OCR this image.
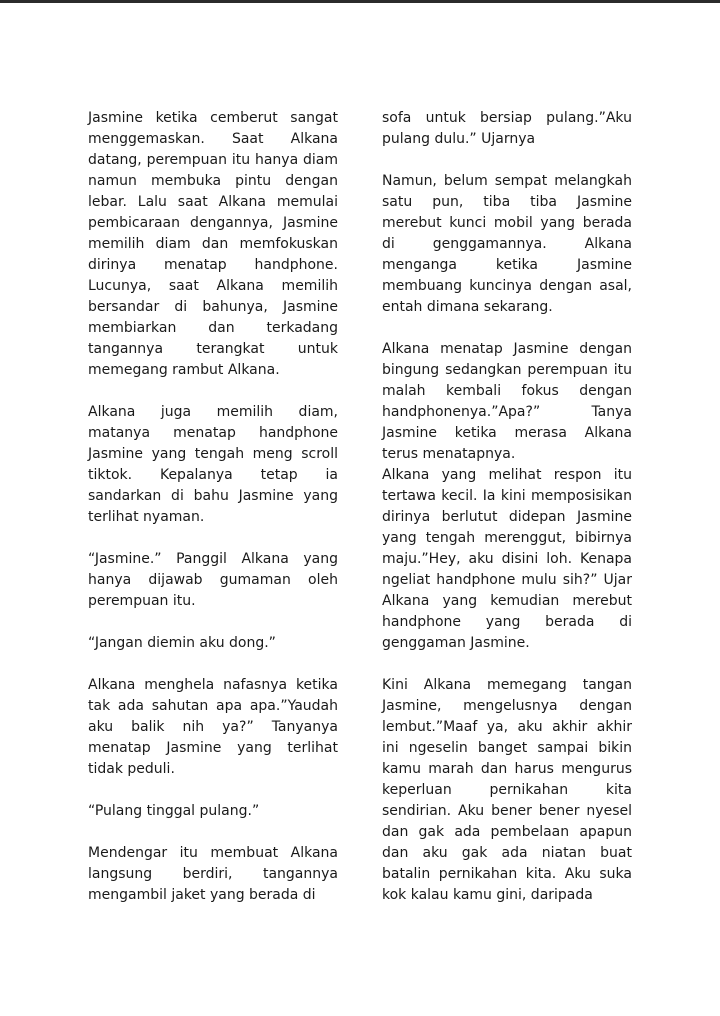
Jasmine ketika cemberut sangat menggemaskan. Saat Alkana datang, perempuan itu hanya diam namun membuka pintu dengan lebar. Lalu saat Alkana memulai pembicaraan dengannya, Jasmine memilih diam dan memfokuskan dirinya menatap handphone. Lucunya, saat Alkana memilih bersandar di bahunya, Jasmine membiarkan dan terkadang tangannya terangkat untuk memegang rambut Alkana.

Alkana juga memilih diam, matanya menatap handphone Jasmine yang tengah meng scroll tiktok. Kepalanya tetap ia sandarkan di bahu Jasmine yang terlihat nyaman.

“Jasmine.” Panggil Alkana yang hanya dijawab gumaman oleh perempuan itu.

“Jangan diemin aku dong.”

Alkana menghela nafasnya ketika tak ada sahutan apa apa.”Yaudah aku balik nih ya?” Tanyanya menatap Jasmine yang terlihat tidak peduli.

“Pulang tinggal pulang.”

Mendengar itu membuat Alkana langsung berdiri, tangannya mengambil jaket yang berada di

sofa untuk bersiap pulang.”Aku pulang dulu.” Ujarnya

Namun, belum sempat melangkah satu pun, tiba tiba Jasmine merebut kunci mobil yang berada di genggamannya. Alkana menganga ketika Jasmine membuang kuncinya dengan asal, entah dimana sekarang.

Alkana menatap Jasmine dengan bingung sedangkan perempuan itu malah kembali fokus dengan handphonenya.”Apa?” Tanya Jasmine ketika merasa Alkana terus menatapnya.

Alkana yang melihat respon itu tertawa kecil. Ia kini memposisikan dirinya berlutut didepan Jasmine yang tengah merenggut, bibirnya maju.”Hey, aku disini loh. Kenapa ngeliat handphone mulu sih?” Ujar Alkana yang kemudian merebut handphone yang berada di genggaman Jasmine.

Kini Alkana memegang tangan Jasmine, mengelusnya dengan lembut.”Maaf ya, aku akhir akhir ini ngeselin banget sampai bikin kamu marah dan harus mengurus keperluan pernikahan kita sendirian. Aku bener bener nyesel dan gak ada pembelaan apapun dan aku gak ada niatan buat batalin pernikahan kita. Aku suka kok kalau kamu gini, daripada
